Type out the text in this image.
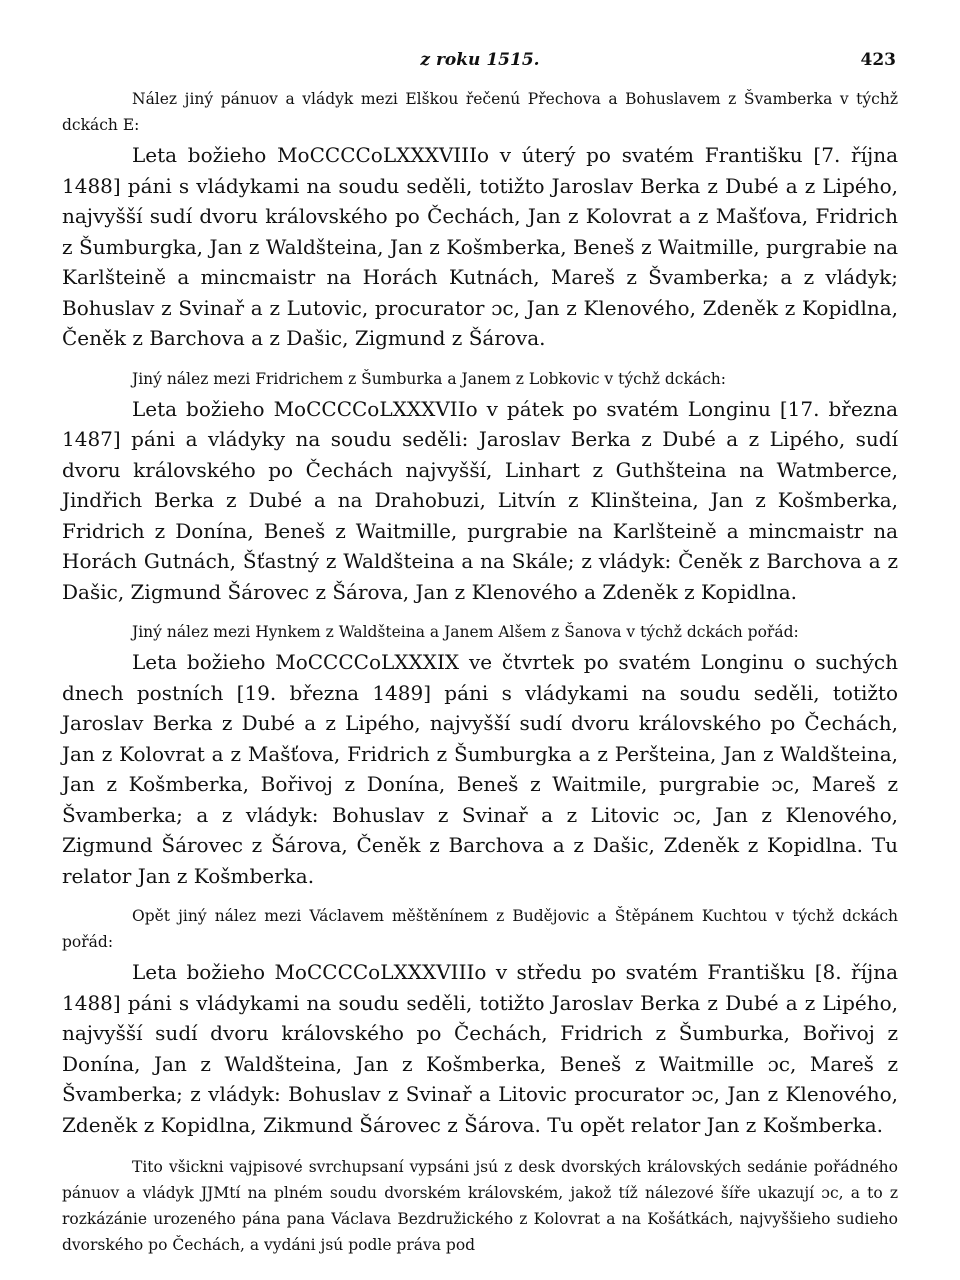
z roku 1515.	423

Nález jiný pánuov a vládyk mezi Elškou řečenú Přechova a Bohuslavem z Švamberka v týchž dckách E:

Leta božieho MoCCCCoLXXXVIIIo v úterý po svatém Františku [7. října 1488] páni s vládykami na soudu seděli, totižto Jaroslav Berka z Dubé a z Lipého, najvyšší sudí dvoru královského po Čechách, Jan z Kolovrat a z Mašťova, Fridrich z Šumburgka, Jan z Waldšteina, Jan z Košmberka, Beneš z Waitmille, purgrabie na Karlšteině a mincmaistr na Horách Kutnách, Mareš z Švamberka; a z vládyk; Bohuslav z Svinař a z Lutovic, procurator ɔc, Jan z Klenového, Zdeněk z Kopidlna, Čeněk z Barchova a z Dašic, Zigmund z Šárova.

Jiný nález mezi Fridrichem z Šumburka a Janem z Lobkovic v týchž dckách:

Leta božieho MoCCCCoLXXXVIIo v pátek po svatém Longinu [17. března 1487] páni a vládyky na soudu seděli: Jaroslav Berka z Dubé a z Lipého, sudí dvoru královského po Čechách najvyšší, Linhart z Guthšteina na Watmberce, Jindřich Berka z Dubé a na Drahobuzi, Litvín z Klinšteina, Jan z Košmberka, Fridrich z Donína, Beneš z Waitmille, purgrabie na Karlšteině a mincmaistr na Horách Gutnách, Šťastný z Waldšteina a na Skále; z vládyk: Čeněk z Barchova a z Dašic, Zigmund Šárovec z Šárova, Jan z Klenového a Zdeněk z Kopidlna.

Jiný nález mezi Hynkem z Waldšteina a Janem Alšem z Šanova v týchž dckách pořád:

Leta božieho MoCCCCoLXXXIX ve čtvrtek po svatém Longinu o suchých dnech postních [19. března 1489] páni s vládykami na soudu seděli, totižto Jaroslav Berka z Dubé a z Lipého, najvyšší sudí dvoru královského po Čechách, Jan z Kolovrat a z Mašťova, Fridrich z Šumburgka a z Peršteina, Jan z Waldšteina, Jan z Košmberka, Bořivoj z Donína, Beneš z Waitmile, purgrabie ɔc, Mareš z Švamberka; a z vládyk: Bohuslav z Svinař a z Litovic ɔc, Jan z Klenového, Zigmund Šárovec z Šárova, Čeněk z Barchova a z Dašic, Zdeněk z Kopidlna. Tu relator Jan z Košmberka.

Opět jiný nález mezi Václavem měštěnínem z Budějovic a Štěpánem Kuchtou v týchž dckách pořád:

Leta božieho MoCCCCoLXXXVIIIo v středu po svatém Františku [8. října 1488] páni s vládykami na soudu seděli, totižto Jaroslav Berka z Dubé a z Lipého, najvyšší sudí dvoru královského po Čechách, Fridrich z Šumburka, Bořivoj z Donína, Jan z Waldšteina, Jan z Košmberka, Beneš z Waitmille ɔc, Mareš z Švamberka; z vládyk: Bohuslav z Svinař a Litovic procurator ɔc, Jan z Klenového, Zdeněk z Kopidlna, Zikmund Šárovec z Šárova. Tu opět relator Jan z Košmberka.

Tito všickni vajpisové svrchupsaní vypsáni jsú z desk dvorských královských sedánie pořádného pánuov a vládyk JJMtí na plném soudu dvorském královském, jakož tíž nálezové šíře ukazují ɔc, a to z rozkázánie urozeného pána pana Václava Bezdružického z Kolovrat a na Košátkách, najvyššieho sudieho dvorského po Čechách, a vydáni jsú podle práva pod
